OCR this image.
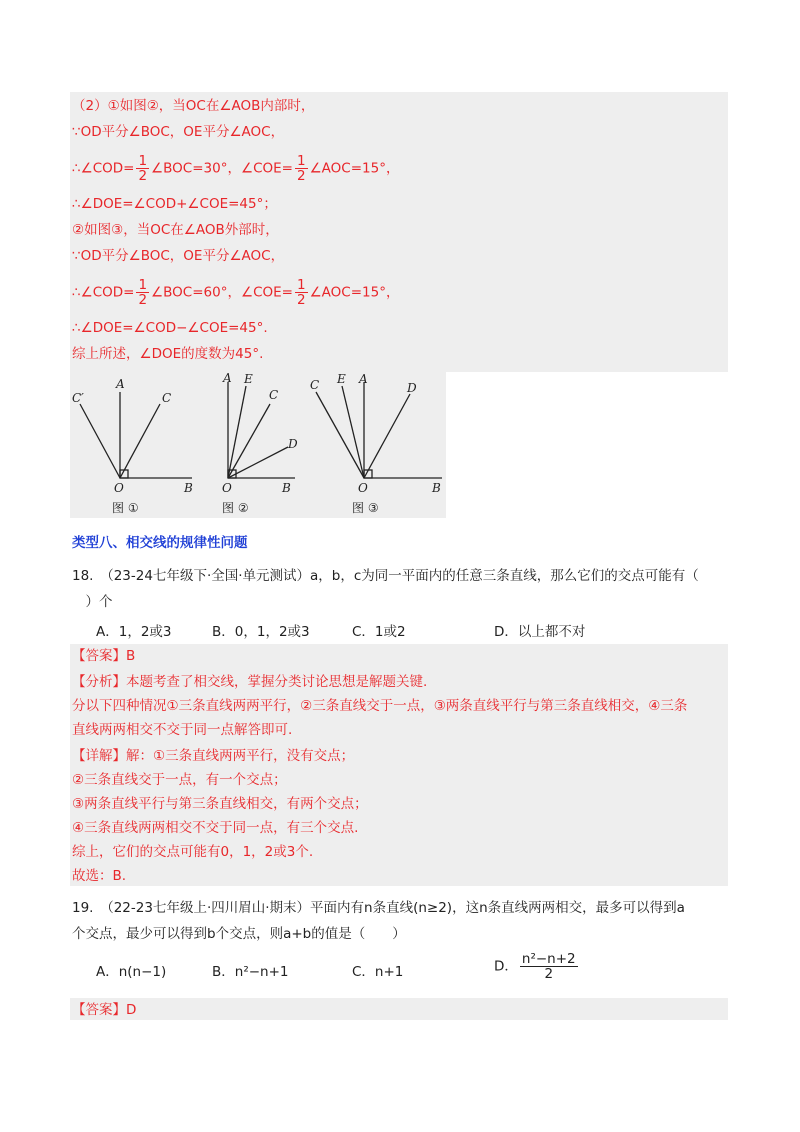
（2）①如图②，当OC在∠AOB内部时，
∵OD平分∠BOC，OE平分∠AOC，
∴∠COD= $\frac{1}{2}$ ∠BOC=30°，∠COE= $\frac{1}{2}$ ∠AOC=15°，
∴∠DOE=∠COD+∠COE=45°；
②如图③，当OC在∠AOB外部时，
∵OD平分∠BOC，OE平分∠AOC，
∴∠COD= $\frac{1}{2}$ ∠BOC=60°，∠COE= $\frac{1}{2}$ ∠AOC=15°，
∴∠DOE=∠COD−∠COE=45°.
综上所述，∠DOE的度数为45°.
C′
A
C
O	B
A E
C
D
O	B
C E A
D
O	B
图 ①	图 ②	图 ③
类型八、相交线的规律性问题
18.　（23-24七年级下·全国·单元测试）a，b，c为同一平面内的任意三条直线，那么它们的交点可能有（
　）个
A．1，2或3	B．0，1，2或3	C．1或2	D．以上都不对
【答案】B
【分析】本题考查了相交线，掌握分类讨论思想是解题关键.
分以下四种情况①三条直线两两平行，②三条直线交于一点，③两条直线平行与第三条直线相交，④三条
直线两两相交不交于同一点解答即可.
【详解】解：①三条直线两两平行，没有交点；
②三条直线交于一点，有一个交点；
③两条直线平行与第三条直线相交，有两个交点；
④三条直线两两相交不交于同一点，有三个交点.
综上，它们的交点可能有0，1，2或3个.
故选：B.
19.　（22-23七年级上·四川眉山·期末）平面内有n条直线(n≥2)，这n条直线两两相交，最多可以得到a
个交点，最少可以得到b个交点，则a+b的值是（　　）
A．n(n−1)	B．n²−n+1	C．n+1	D． $\frac{\text{n²−n+2}}{2}$
【答案】D
